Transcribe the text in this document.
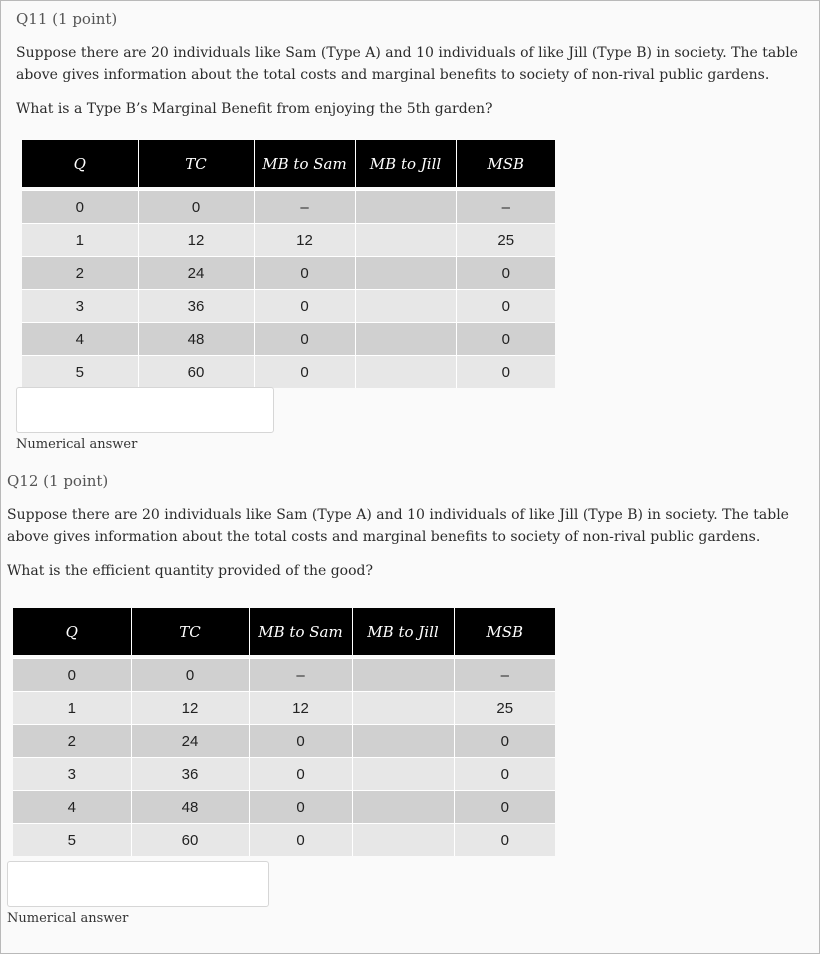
Q11 (1 point)

Suppose there are 20 individuals like Sam (Type A) and 10 individuals of like Jill (Type B) in society. The table above gives information about the total costs and marginal benefits to society of non-rival public gardens.

What is a Type B’s Marginal Benefit from enjoying the 5th garden?

Q	TC	MB to Sam	MB to Jill	MSB

0	0	–		–
1	12	12		25
2	24	0		0
3	36	0		0
4	48	0		0
5	60	0		0
Numerical answer
Q12 (1 point)

Suppose there are 20 individuals like Sam (Type A) and 10 individuals of like Jill (Type B) in society. The table above gives information about the total costs and marginal benefits to society of non-rival public gardens.

What is the efficient quantity provided of the good?

Q	TC	MB to Sam	MB to Jill	MSB

0	0	–		–
1	12	12		25
2	24	0		0
3	36	0		0
4	48	0		0
5	60	0		0
Numerical answer
